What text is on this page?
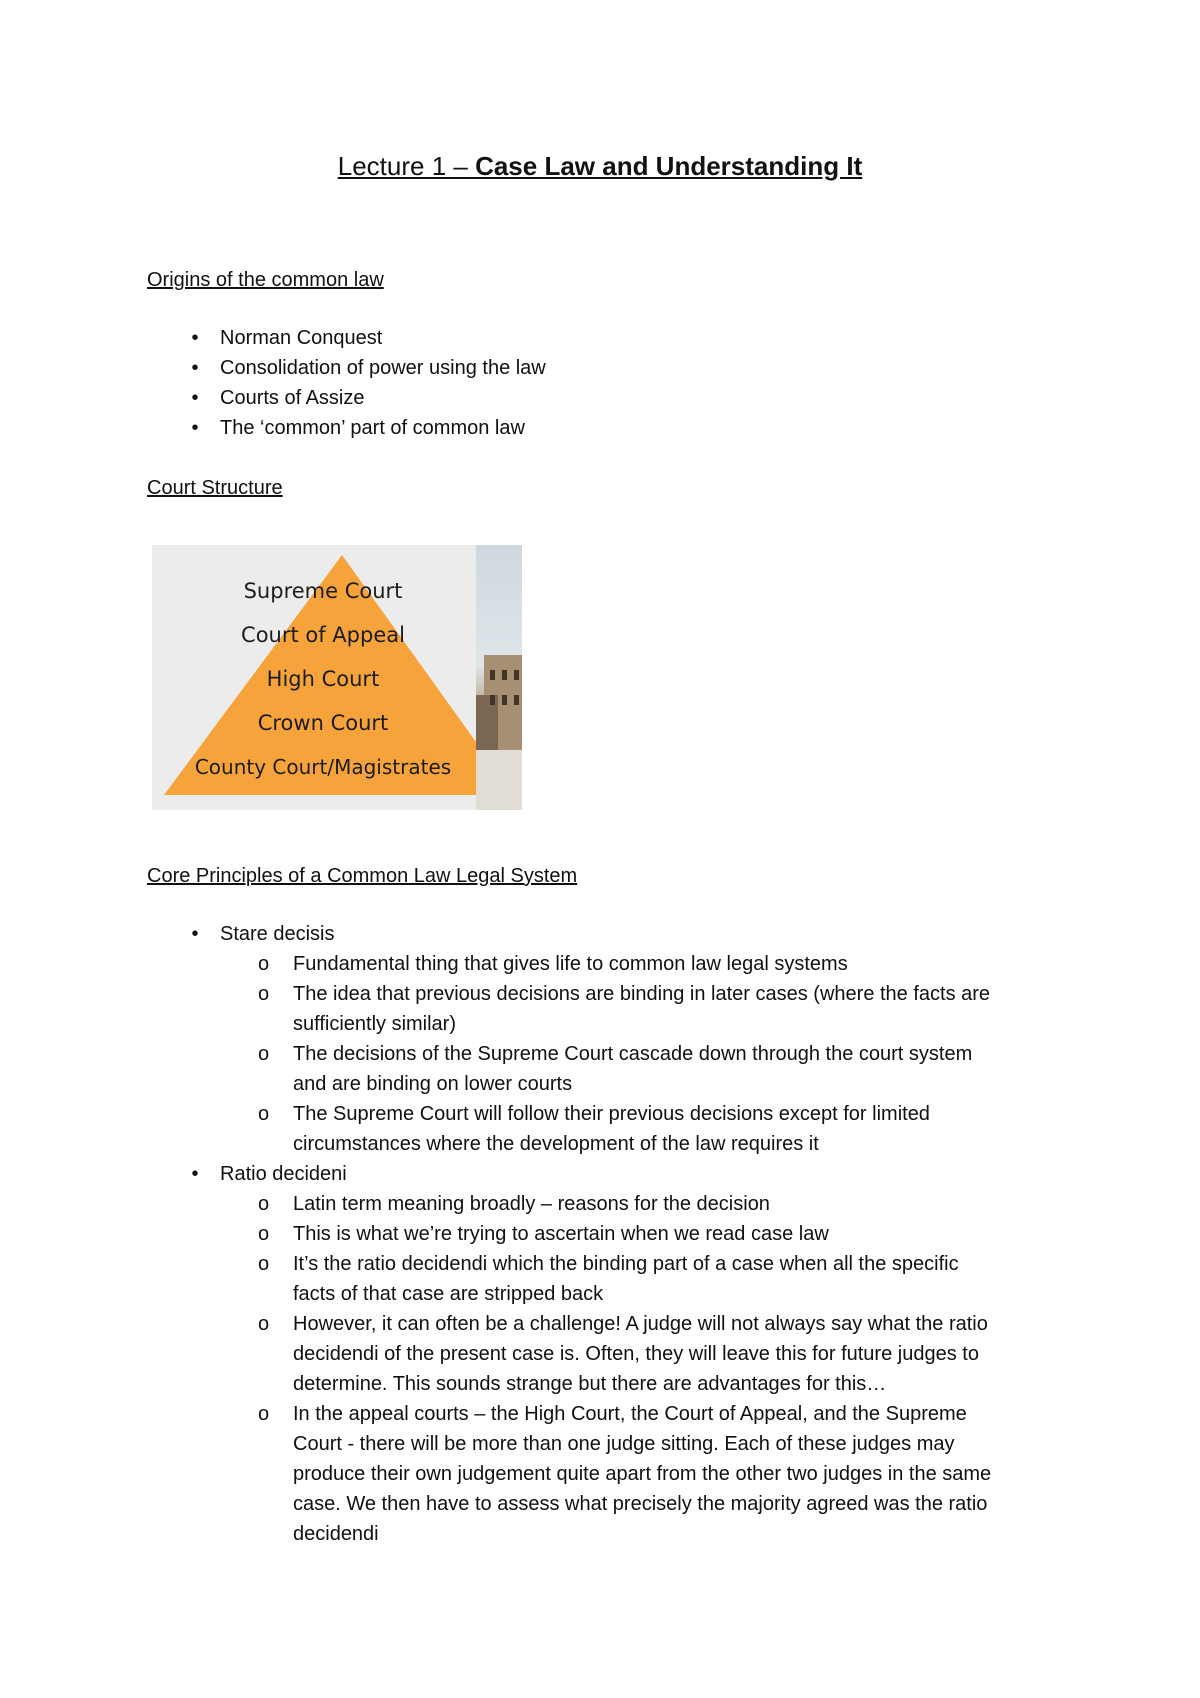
Lecture 1 – Case Law and Understanding It
Origins of the common law
•	Norman Conquest
•	Consolidation of power using the law
•	Courts of Assize
•	The ‘common’ part of common law
Court Structure
Supreme Court
Court of Appeal
High Court
Crown Court
County Court/Magistrates
Core Principles of a Common Law Legal System
•	Stare decisis
o Fundamental thing that gives life to common law legal systems
o The idea that previous decisions are binding in later cases (where the facts are sufficiently similar)
o The decisions of the Supreme Court cascade down through the court system and are binding on lower courts
o The Supreme Court will follow their previous decisions except for limited circumstances where the development of the law requires it
•	Ratio decideni
o Latin term meaning broadly – reasons for the decision
o This is what we’re trying to ascertain when we read case law
o It’s the ratio decidendi which the binding part of a case when all the specific facts of that case are stripped back
o However, it can often be a challenge! A judge will not always say what the ratio decidendi of the present case is. Often, they will leave this for future judges to determine. This sounds strange but there are advantages for this…
o In the appeal courts – the High Court, the Court of Appeal, and the Supreme Court - there will be more than one judge sitting. Each of these judges may produce their own judgement quite apart from the other two judges in the same case. We then have to assess what precisely the majority agreed was the ratio decidendi
